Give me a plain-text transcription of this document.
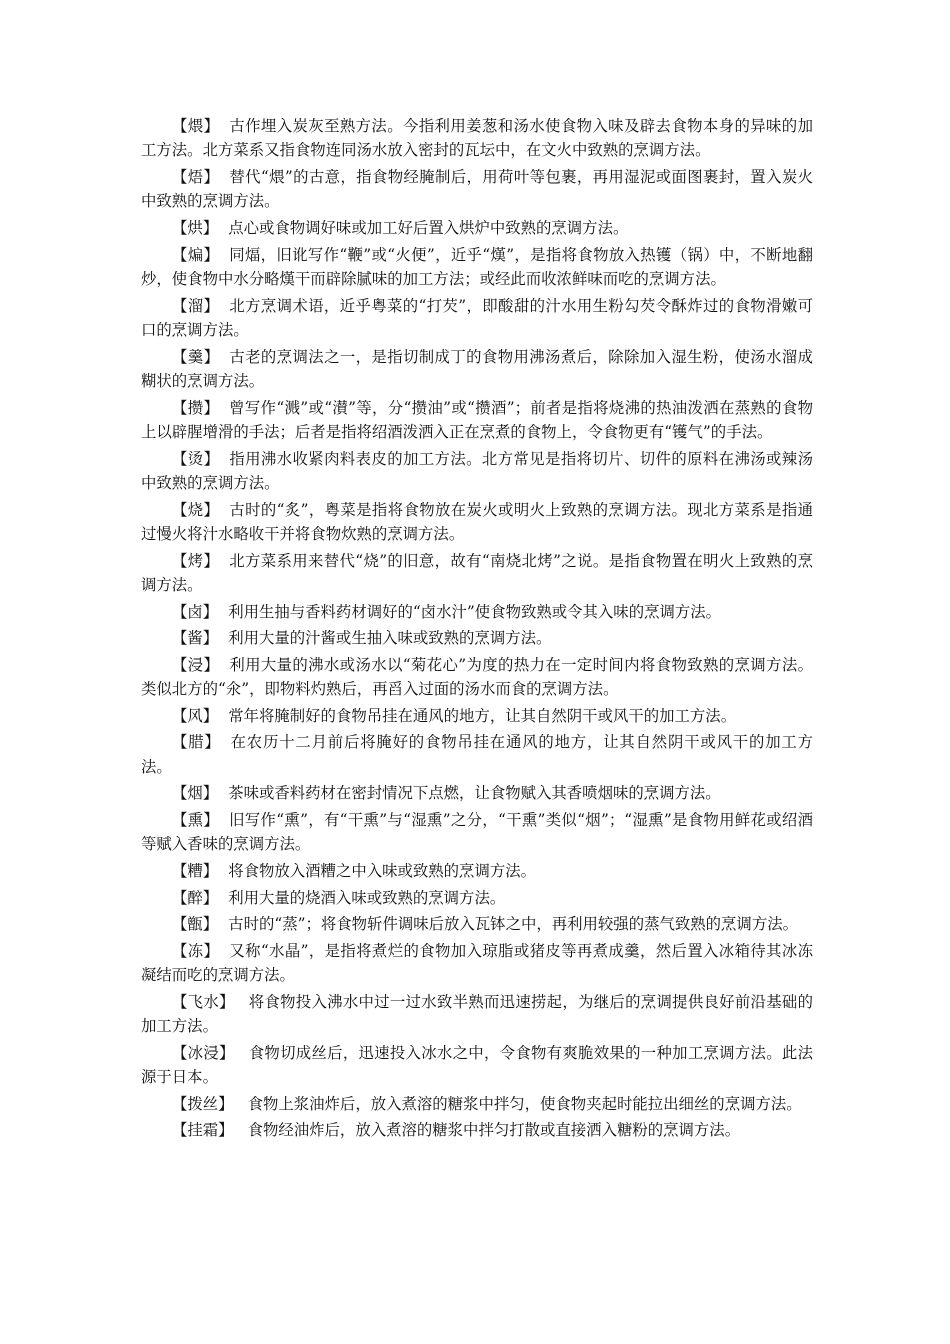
【煨】 古作埋入炭灰至熟方法。今指利用姜葱和汤水使食物入味及辟去食物本身的异味的加工方法。北方菜系又指食物连同汤水放入密封的瓦坛中，在文火中致熟的烹调方法。

【焐】 替代“煨”的古意，指食物经腌制后，用荷叶等包裹，再用湿泥或面图裹封，置入炭火中致熟的烹调方法。

【烘】 点心或食物调好味或加工好后置入烘炉中致熟的烹调方法。

【煸】 同煏，旧讹写作“鞭”或“火便”，近乎“熯”，是指将食物放入热镬（锅）中，不断地翻炒，使食物中水分略熯干而辟除腻味的加工方法；或经此而收浓鲜味而吃的烹调方法。

【溜】 北方烹调术语，近乎粤菜的“打芡”，即酸甜的汁水用生粉勾芡令酥炸过的食物滑嫩可口的烹调方法。

【羹】 古老的烹调法之一，是指切制成丁的食物用沸汤煮后，除除加入湿生粉，使汤水溜成糊状的烹调方法。

【攒】 曾写作“溅”或“濽”等，分“攒油”或“攒酒”；前者是指将烧沸的热油泼洒在蒸熟的食物上以辟腥增滑的手法；后者是指将绍酒泼洒入正在烹煮的食物上，令食物更有“镬气”的手法。

【烫】 指用沸水收紧肉料表皮的加工方法。北方常见是指将切片、切件的原料在沸汤或辣汤中致熟的烹调方法。

【烧】 古时的“炙”，粤菜是指将食物放在炭火或明火上致熟的烹调方法。现北方菜系是指通过慢火将汁水略收干并将食物炊熟的烹调方法。

【烤】 北方菜系用来替代“烧”的旧意，故有“南烧北烤”之说。是指食物置在明火上致熟的烹调方法。

【卤】 利用生抽与香料药材调好的“卤水汁”使食物致熟或令其入味的烹调方法。

【酱】 利用大量的汁酱或生抽入味或致熟的烹调方法。

【浸】 利用大量的沸水或汤水以“菊花心”为度的热力在一定时间内将食物致熟的烹调方法。类似北方的“氽”，即物料灼熟后，再舀入过面的汤水而食的烹调方法。

【风】 常年将腌制好的食物吊挂在通风的地方，让其自然阴干或风干的加工方法。

【腊】 在农历十二月前后将腌好的食物吊挂在通风的地方，让其自然阴干或风干的加工方法。

【烟】 茶味或香料药材在密封情况下点燃，让食物赋入其香喷烟味的烹调方法。

【熏】 旧写作“熏”，有“干熏”与“湿熏”之分，“干熏”类似“烟”；“湿熏”是食物用鲜花或绍酒等赋入香味的烹调方法。

【糟】 将食物放入酒糟之中入味或致熟的烹调方法。

【醉】 利用大量的烧酒入味或致熟的烹调方法。

【甑】 古时的“蒸”；将食物斩件调味后放入瓦钵之中，再利用较强的蒸气致熟的烹调方法。

【冻】 又称“水晶”，是指将煮烂的食物加入琼脂或猪皮等再煮成羹，然后置入冰箱待其冰冻凝结而吃的烹调方法。

【飞水】 将食物投入沸水中过一过水致半熟而迅速捞起，为继后的烹调提供良好前沿基础的加工方法。

【冰浸】 食物切成丝后，迅速投入冰水之中，令食物有爽脆效果的一种加工烹调方法。此法源于日本。

【拨丝】 食物上浆油炸后，放入煮溶的糖浆中拌匀，使食物夹起时能拉出细丝的烹调方法。

【挂霜】 食物经油炸后，放入煮溶的糖浆中拌匀打散或直接洒入糖粉的烹调方法。
